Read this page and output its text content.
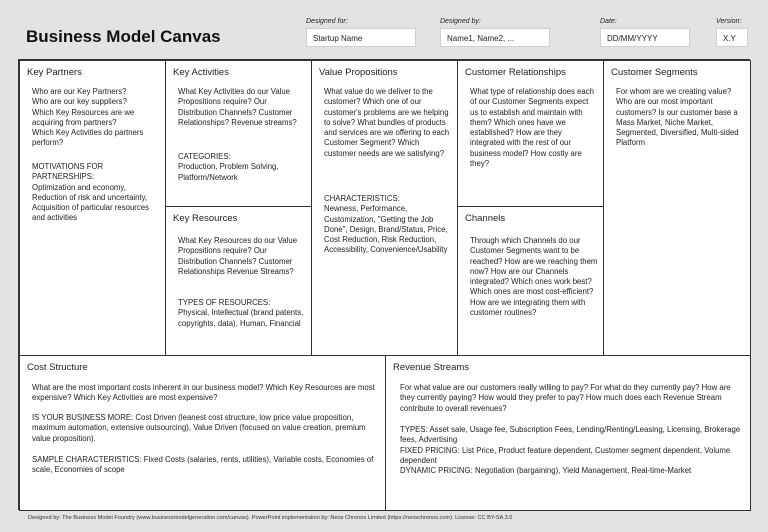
Business Model Canvas
Designed for:
Startup Name
Designed by:
Name1, Name2, ...
Date:
DD/MM/YYYY
Version:
X.Y
Key Partners
Who are our Key Partners?
Who are our key suppliers?
Which Key Resources are we acquiring from partners?
Which Key Activities do partners perform?
MOTIVATIONS FOR PARTNERSHIPS:
Optimization and economy, Reduction of risk and uncertainty, Acquisition of particular resources and activities
Key Activities
What Key Activities do our Value Propositions require? Our Distribution Channels? Customer Relationships? Revenue streams?
CATEGORIES:
Production, Problem Solving, Platform/Network
Key Resources
What Key Resources do our Value Propositions require? Our Distribution Channels? Customer Relationships Revenue Streams?
TYPES OF RESOURCES:
Physical, Intellectual (brand patents, copyrights, data), Human, Financial
Value Propositions
What value do we deliver to the customer? Which one of our customer's problems are we helping to solve? What bundles of products and services are we offering to each Customer Segment? Which customer needs are we satisfying?
CHARACTERISTICS:
Newness, Performance, Customization, "Getting the Job Done", Design, Brand/Status, Price, Cost Reduction, Risk Reduction, Accessibility, Convenience/Usability
Customer Relationships
What type of relationship does each of our Customer Segments expect us to establish and maintain with them? Which ones have we established? How are they integrated with the rest of our business model? How costly are they?
Channels
Through which Channels do our Customer Segments want to be reached? How are we reaching them now? How are our Channels integrated? Which ones work best? Which ones are most cost-efficient? How are we integrating them with customer routines?
Customer Segments
For whom are we creating value? Who are our most important customers? Is our customer base a Mass Market, Niche Market, Segmented, Diversified, Multi-sided Platform
Cost Structure
What are the most important costs inherent in our business model? Which Key Resources are most expensive? Which Key Activities are most expensive?
IS YOUR BUSINESS MORE: Cost Driven (leanest cost structure, low price value proposition, maximum automation, extensive outsourcing), Value Driven (focused on value creation, premium value proposition).
SAMPLE CHARACTERISTICS: Fixed Costs (salaries, rents, utilities), Variable costs, Economies of scale, Economies of scope
Revenue Streams
For what value are our customers really willing to pay? For what do they currently pay? How are they currently paying? How would they prefer to pay? How much does each Revenue Stream contribute to overall revenues?
TYPES: Asset sale, Usage fee, Subscription Fees, Lending/Renting/Leasing, Licensing, Brokerage fees, Advertising
FIXED PRICING: List Price, Product feature dependent, Customer segment dependent, Volume dependent
DYNAMIC PRICING: Negotiation (bargaining), Yield Management, Real-time-Market
Designed by: The Business Model Foundry (www.businessmodelgeneration.com/canvas). PowerPoint implementation by: Neos Chronos Limited (https://neoschronos.com). License: CC BY-SA 3.0
